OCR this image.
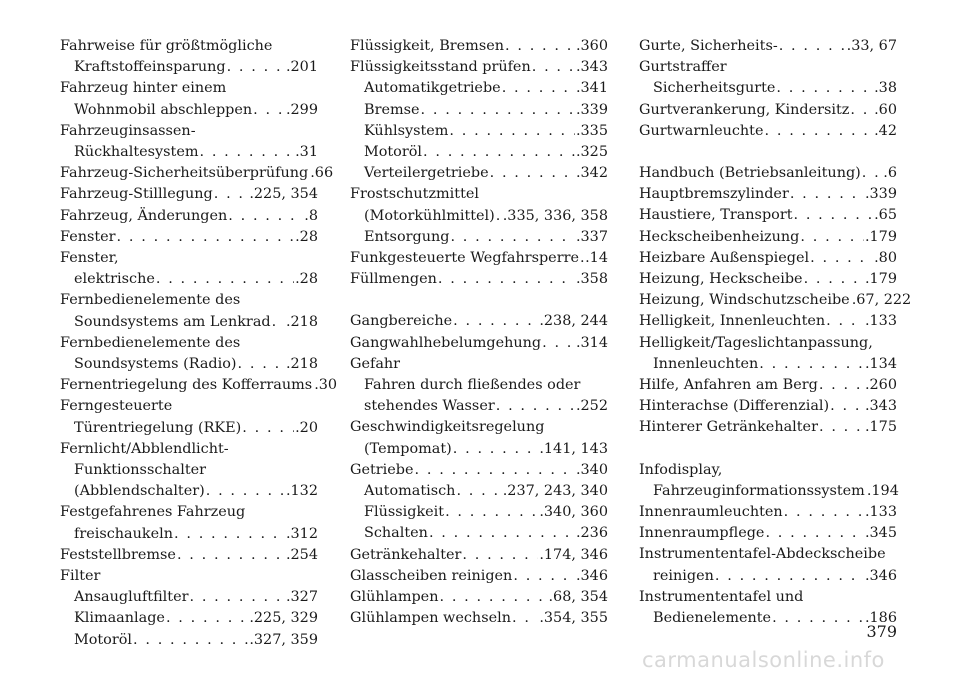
Fahrweise für größtmögliche
Kraftstoffeinsparung . . .	.201
Fahrzeug hinter einem
Wohnmobil abschleppen . . . .299
Fahrzeuginsassen-
Rückhaltesystem . . .	.31
Fahrzeug-Sicherheitsüberprüfung .66
Fahrzeug-Stilllegung . . .	.225, 354
Fahrzeug, Änderungen . . .	.8
Fenster . . .	.28
Fenster,
elektrische . . .	.28
Fernbedienelemente des
Soundsystems am Lenkrad . . . .218
Fernbedienelemente des
Soundsystems (Radio) . . .	.218
Fernentriegelung des Kofferraums .30
Ferngesteuerte
Türentriegelung (RKE) . . .	.20
Fernlicht/Abblendlicht-
Funktionsschalter
(Abblendschalter) . . .	.132
Festgefahrenes Fahrzeug
freischaukeln . . .	.312
Feststellbremse . . .	.254
Filter
Ansaugluftfilter . . .	.327
Klimaanlage . . .	.225, 329
Motoröl . . .	.327, 359
Flüssigkeit, Bremsen . . .	.360
Flüssigkeitsstand prüfen . . .	.343
Automatikgetriebe . . .	.341
Bremse . . .	.339
Kühlsystem . . .	.335
Motoröl . . .	.325
Verteilergetriebe . . .	.342
Frostschutzmittel
(Motorkühlmittel) . . . .335, 336, 358
Entsorgung . . .	.337
Funkgesteuerte Wegfahrsperre . . . .14
Füllmengen . . .	.358
Gangbereiche . . .	.238, 244
Gangwahlhebelumgehung . . . .314
Gefahr
Fahren durch fließendes oder
stehendes Wasser . . .	.252
Geschwindigkeitsregelung
(Tempomat) . . .	.141, 143
Getriebe . . .	.340
Automatisch . . .	.237, 243, 340
Flüssigkeit . . .	.340, 360
Schalten . . .	.236
Getränkehalter . . .	.174, 346
Glasscheiben reinigen . . .	.346
Glühlampen . . .	.68, 354
Glühlampen wechseln . . . .354, 355
Gurte, Sicherheits- . . .	.33, 67
Gurtstraffer
Sicherheitsgurte . . .	.38
Gurtverankerung, Kindersitz . . . .60
Gurtwarnleuchte . . .	.42
Handbuch (Betriebsanleitung) . . . .6
Hauptbremszylinder . . .	.339
Haustiere, Transport . . .	.65
Heckscheibenheizung . . .	.179
Heizbare Außenspiegel . . .	.80
Heizung, Heckscheibe . . .	.179
Heizung, Windschutzscheibe .67, 222
Helligkeit, Innenleuchten . . .	.133
Helligkeit/Tageslichtanpassung,
Innenleuchten . . .	.134
Hilfe, Anfahren am Berg . . .	.260
Hinterachse (Differenzial) . . . .343
Hinterer Getränkehalter . . .	.175
Infodisplay,
Fahrzeuginformationssystem .194
Innenraumleuchten . . .	.133
Innenraumpflege . . .	.345
Instrumententafel-Abdeckscheibe
reinigen . . .	.346
Instrumententafel und
Bedienelemente . . .	.186
379
carmanualsonline.info
